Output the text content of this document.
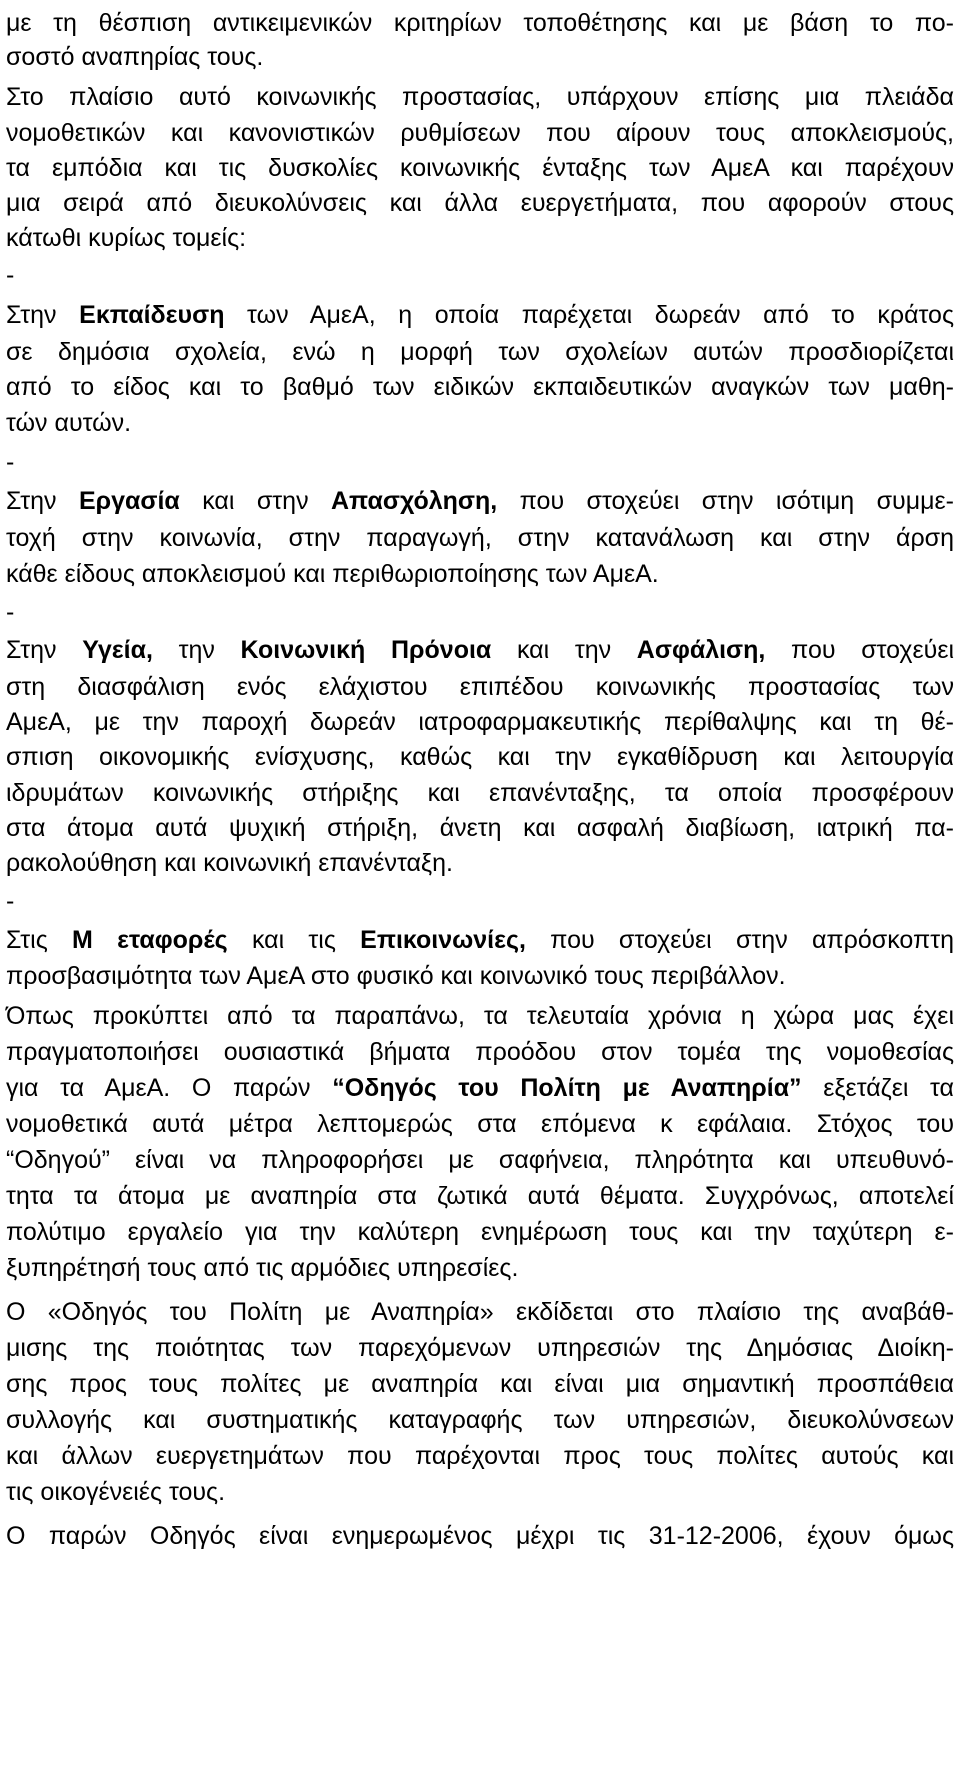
με τη θέσπιση αντικειμενικών κριτηρίων τοποθέτησης και με βάση το πο-
σοστό αναπηρίας τους.
Στο πλαίσιο αυτό κοινωνικής προστασίας, υπάρχουν επίσης μια πλειάδα
νομοθετικών και κανονιστικών ρυθμίσεων που αίρουν τους αποκλεισμούς,
τα εμπόδια και τις δυσκολίες κοινωνικής ένταξης των ΑμεΑ και παρέχουν
μια σειρά από διευκολύνσεις και άλλα ευεργετήματα, που αφορούν στους
κάτωθι κυρίως τομείς:
-
Στην Εκπαίδευση των ΑμεΑ, η οποία παρέχεται δωρεάν από το κράτος
σε δημόσια σχολεία, ενώ η μορφή των σχολείων αυτών προσδιορίζεται
από το είδος και το βαθμό των ειδικών εκπαιδευτικών αναγκών των μαθη-
τών αυτών.
-
Στην Εργασία και στην Απασχόληση, που στοχεύει στην ισότιμη συμμε-
τοχή στην κοινωνία, στην παραγωγή, στην κατανάλωση και στην άρση
κάθε είδους αποκλεισμού και περιθωριοποίησης των ΑμεΑ.
-
Στην Υγεία, την Κοινωνική Πρόνοια και την Ασφάλιση, που στοχεύει
στη διασφάλιση ενός ελάχιστου επιπέδου κοινωνικής προστασίας των
ΑμεΑ, με την παροχή δωρεάν ιατροφαρμακευτικής περίθαλψης και τη θέ-
σπιση οικονομικής ενίσχυσης, καθώς και την εγκαθίδρυση και λειτουργία
ιδρυμάτων κοινωνικής στήριξης και επανένταξης, τα οποία προσφέρουν
στα άτομα αυτά ψυχική στήριξη, άνετη και ασφαλή διαβίωση, ιατρική πα-
ρακολούθηση και κοινωνική επανένταξη.
-
Στις Μ εταφορές και τις Επικοινωνίες, που στοχεύει στην απρόσκοπτη
προσβασιμότητα των ΑμεΑ στο φυσικό και κοινωνικό τους περιβάλλον.
Όπως προκύπτει από τα παραπάνω, τα τελευταία χρόνια η χώρα μας έχει
πραγματοποιήσει ουσιαστικά βήματα προόδου στον τομέα της νομοθεσίας
για τα ΑμεΑ. Ο παρών “Οδηγός του Πολίτη με Αναπηρία” εξετάζει τα
νομοθετικά αυτά μέτρα λεπτομερώς στα επόμενα κ εφάλαια. Στόχος του
“Οδηγού” είναι να πληροφορήσει με σαφήνεια, πληρότητα και υπευθυνό-
τητα τα άτομα με αναπηρία στα ζωτικά αυτά θέματα. Συγχρόνως, αποτελεί
πολύτιμο εργαλείο για την καλύτερη ενημέρωση τους και την ταχύτερη ε-
ξυπηρέτησή τους από τις αρμόδιες υπηρεσίες.
Ο «Οδηγός του Πολίτη με Αναπηρία» εκδίδεται στο πλαίσιο της αναβάθ-
μισης της ποιότητας των παρεχόμενων υπηρεσιών της Δημόσιας Διοίκη-
σης προς τους πολίτες με αναπηρία και είναι μια σημαντική προσπάθεια
συλλογής και συστηματικής καταγραφής των υπηρεσιών, διευκολύνσεων
και άλλων ευεργετημάτων που παρέχονται προς τους πολίτες αυτούς και
τις οικογένειές τους.
Ο παρών Οδηγός είναι ενημερωμένος μέχρι τις 31-12-2006, έχουν όμως
